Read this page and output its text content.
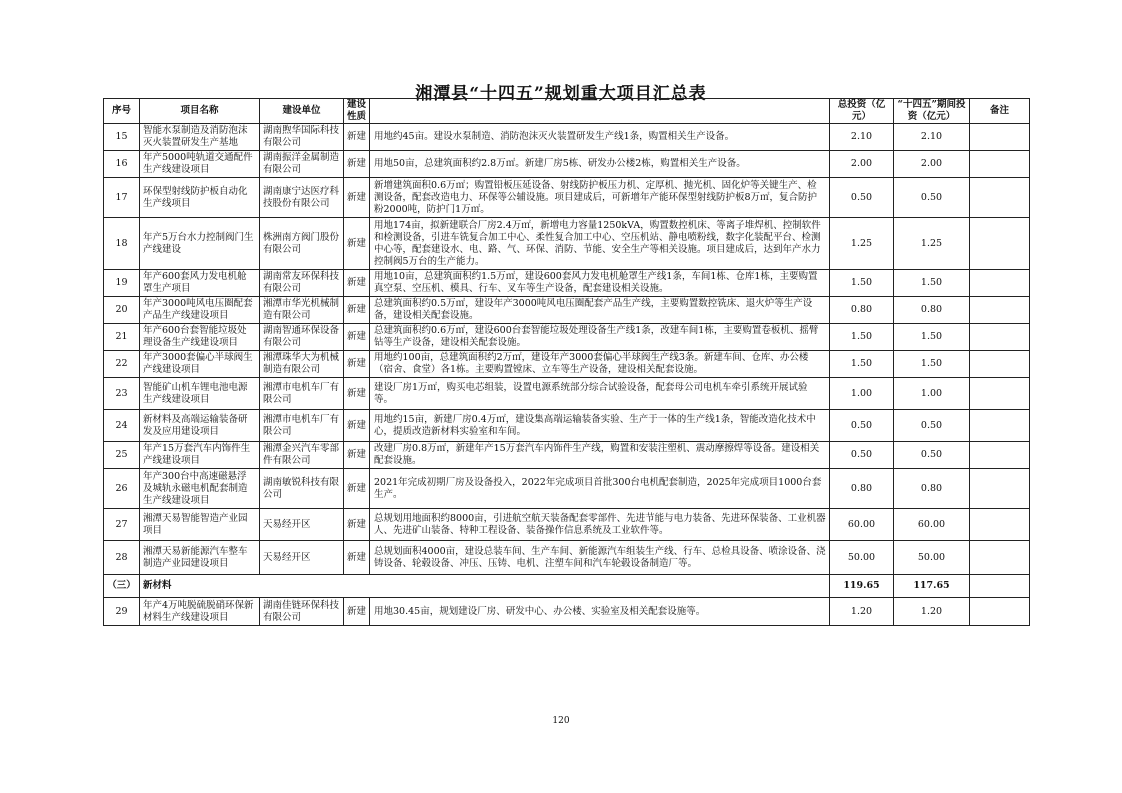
湘潭县“十四五”规划重大项目汇总表
序号	项目名称	建设单位	建设性质		总投资（亿元）	“十四五”期间投资（亿元）	备注
15	智能水泵制造及消防泡沫灭火装置研发生产基地	湖南煦华国际科技有限公司	新建	用地约45亩。建设水泵制造、消防泡沫灭火装置研发生产线1条，购置相关生产设备。	2.10	2.10	
16	年产5000吨轨道交通配件生产线建设项目	湖南振洋金属制造有限公司	新建	用地50亩，总建筑面积约2.8万㎡。新建厂房5栋、研发办公楼2栋，购置相关生产设备。	2.00	2.00	
17	环保型射线防护板自动化生产线项目	湖南康宁达医疗科技股份有限公司	新建	新增建筑面积0.6万㎡；购置铅板压延设备、射线防护板压力机、定厚机、抛光机、固化炉等关键生产、检测设备，配套改造电力、环保等公辅设施。项目建成后，可新增年产能环保型射线防护板8万㎡，复合防护粉2000吨，防护门1万㎡。	0.50	0.50	
18	年产5万台水力控制阀门生产线建设	株洲南方阀门股份有限公司	新建	用地174亩，拟新建联合厂房2.4万㎡，新增电力容量1250kVA，购置数控机床、等离子堆焊机、控制软件和检测设备，引进车铣复合加工中心、柔性复合加工中心、空压机站、静电喷粉线，数字化装配平台、检测中心等，配套建设水、电、路、气、环保、消防、节能、安全生产等相关设施。项目建成后，达到年产水力控制阀5万台的生产能力。	1.25	1.25	
19	年产600套风力发电机舱罩生产项目	湖南常友环保科技有限公司	新建	用地10亩，总建筑面积约1.5万㎡，建设600套风力发电机舱罩生产线1条，车间1栋、仓库1栋，主要购置真空泵、空压机、模具、行车、叉车等生产设备，配套建设相关设施。	1.50	1.50	
20	年产3000吨风电压圈配套产品生产线建设项目	湘潭市华光机械制造有限公司	新建	总建筑面积约0.5万㎡，建设年产3000吨风电压圈配套产品生产线，主要购置数控铣床、退火炉等生产设备，建设相关配套设施。	0.80	0.80	
21	年产600台套智能垃圾处理设备生产线建设项目	湖南智通环保设备有限公司	新建	总建筑面积约0.6万㎡，建设600台套智能垃圾处理设备生产线1条，改建车间1栋，主要购置卷板机、摇臂钻等生产设备，建设相关配套设施。	1.50	1.50	
22	年产3000套偏心半球阀生产线建设项目	湘潭珠华大为机械制造有限公司	新建	用地约100亩，总建筑面积约2万㎡，建设年产3000套偏心半球阀生产线3条。新建车间、仓库、办公楼（宿舍、食堂）各1栋。主要购置镗床、立车等生产设备，建设相关配套设施。	1.50	1.50	
23	智能矿山机车锂电池电源生产线建设项目	湘潭市电机车厂有限公司	新建	建设厂房1万㎡，购买电芯组装，设置电源系统部分综合试验设备，配套母公司电机车牵引系统开展试验等。	1.00	1.00	
24	新材料及高端运输装备研发及应用建设项目	湘潭市电机车厂有限公司	新建	用地约15亩，新建厂房0.4万㎡，建设集高端运输装备实验、生产于一体的生产线1条，智能改造化技术中心，提质改造新材料实验室和车间。	0.50	0.50	
25	年产15万套汽车内饰件生产线建设项目	湘潭金兴汽车零部件有限公司	新建	改建厂房0.8万㎡，新建年产15万套汽车内饰件生产线，购置和安装注塑机、震动摩擦焊等设备。建设相关配套设施。	0.50	0.50	
26	年产300台中高速磁悬浮及城轨永磁电机配套制造生产线建设项目	湖南敏锐科技有限公司	新建	2021年完成初期厂房及设备投入，2022年完成项目首批300台电机配套制造，2025年完成项目1000台套生产。	0.80	0.80	
27	湘潭天易智能智造产业园项目	天易经开区	新建	总规划用地面积约8000亩，引进航空航天装备配套零部件、先进节能与电力装备、先进环保装备、工业机器人、先进矿山装备、特种工程设备、装备操作信息系统及工业软件等。	60.00	60.00	
28	湘潭天易新能源汽车整车制造产业园建设项目	天易经开区	新建	总规划面积4000亩，建设总装车间、生产车间、新能源汽车组装生产线、行车、总检具设备、喷涂设备、浇铸设备、轮毂设备、冲压、压铸、电机、注塑车间和汽车轮毂设备制造厂等。	50.00	50.00	
（三）	新材料				119.65	117.65	
29	年产4万吨脱硫脱硝环保新材料生产线建设项目	湖南佳链环保科技有限公司	新建	用地30.45亩，规划建设厂房、研发中心、办公楼、实验室及相关配套设施等。	1.20	1.20	
120
